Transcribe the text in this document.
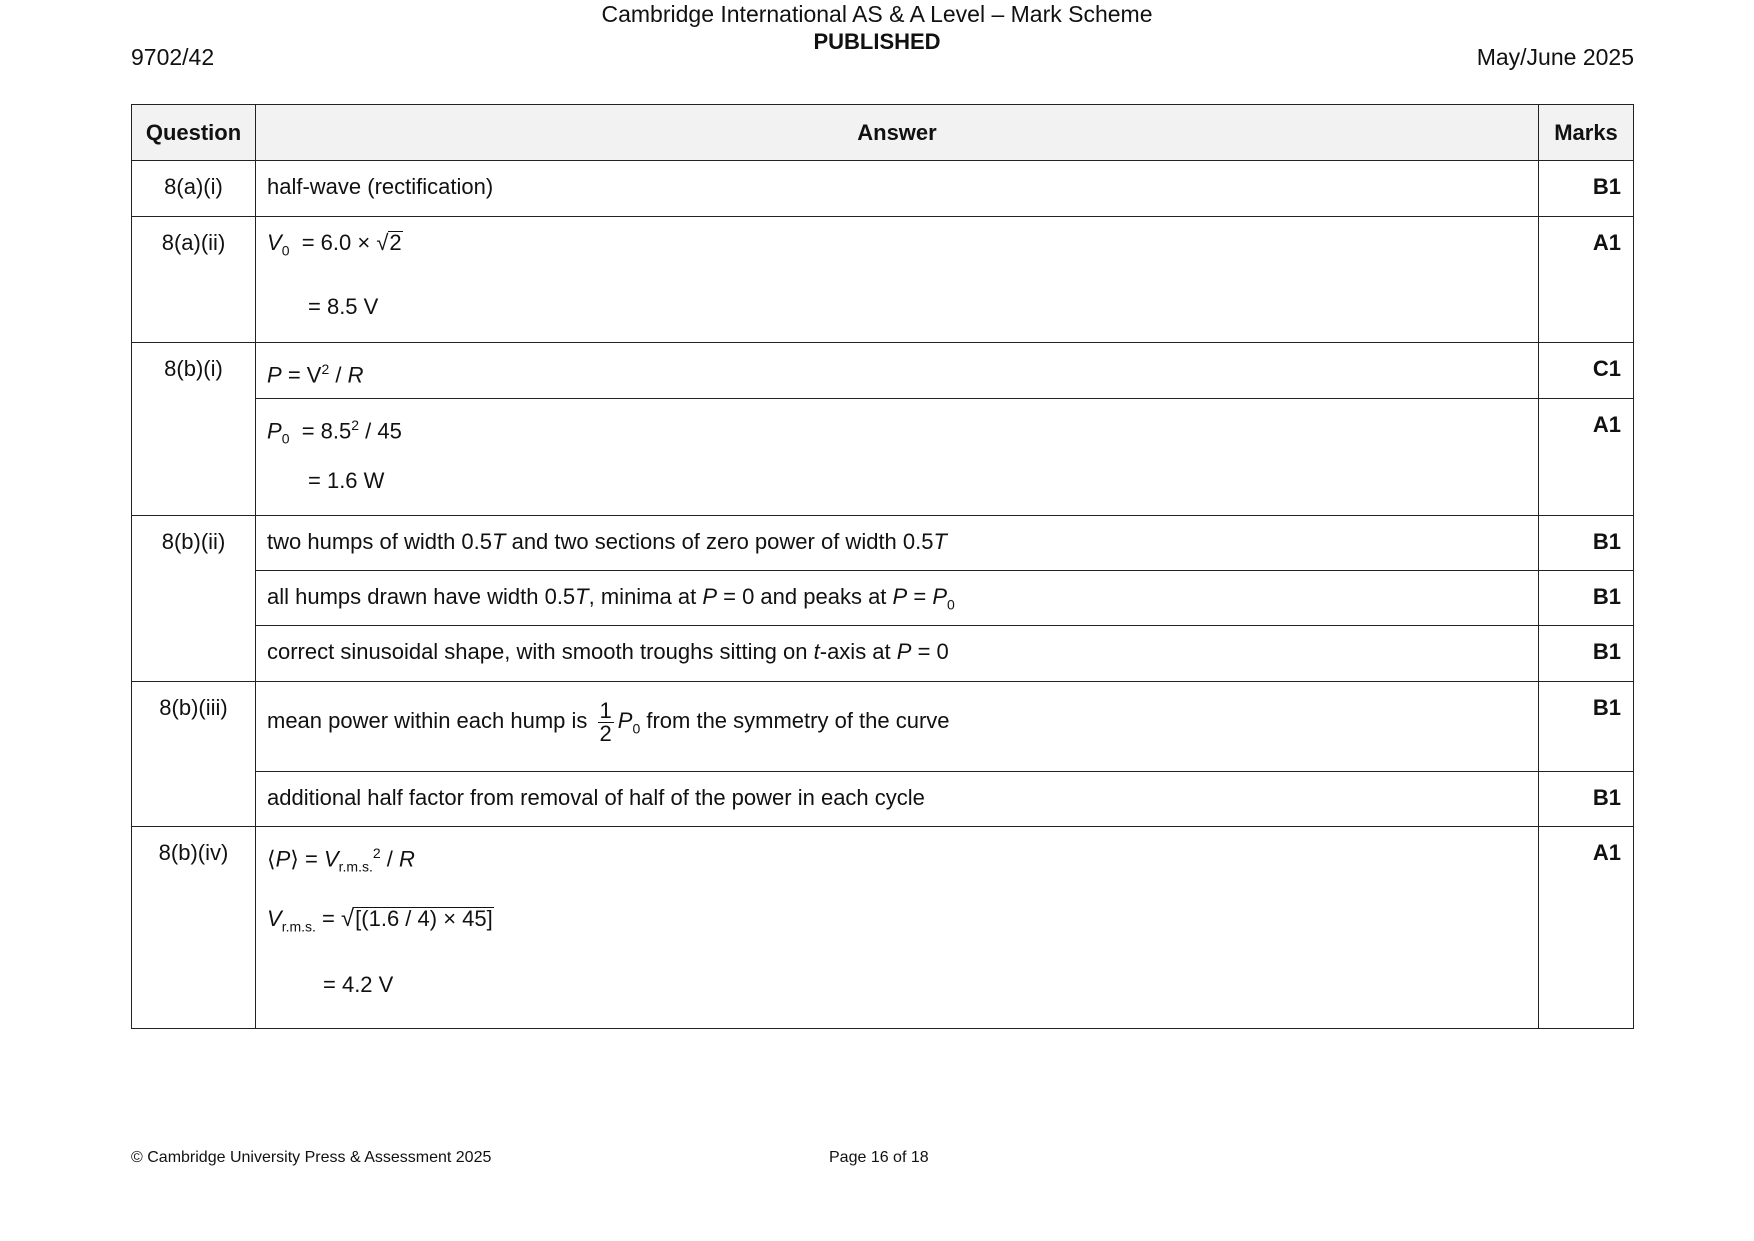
9702/42
Cambridge International AS & A Level – Mark Scheme
PUBLISHED
May/June 2025
Question	Answer	Marks
8(a)(i)	half-wave (rectification)	B1
8(a)(ii)	$V_0 = 6.0 \times √2$
= 8.5 V	A1
8(b)(i)	$P = V^2 / R$	C1

	$P_0 = 8.5^2 / 45$
= 1.6 W	A1
8(b)(ii)	two humps of width 0.5T and two sections of zero power of width 0.5T	B1

	all humps drawn have width 0.5T, minima at P = 0 and peaks at $P = P_0$	B1

	correct sinusoidal shape, with smooth troughs sitting on t-axis at P = 0	B1
8(b)(iii)	mean power within each hump is $\frac{1}{2} P_0$ from the symmetry of the curve	B1

	additional half factor from removal of half of the power in each cycle	B1
8(b)(iv)	⟨P⟩ = $V_{r.m.s.}^2$ / R
$V_{r.m.s.} = √[(1.6 / 4) \times 45]$
= 4.2 V	A1
© Cambridge University Press & Assessment 2025	Page 16 of 18
